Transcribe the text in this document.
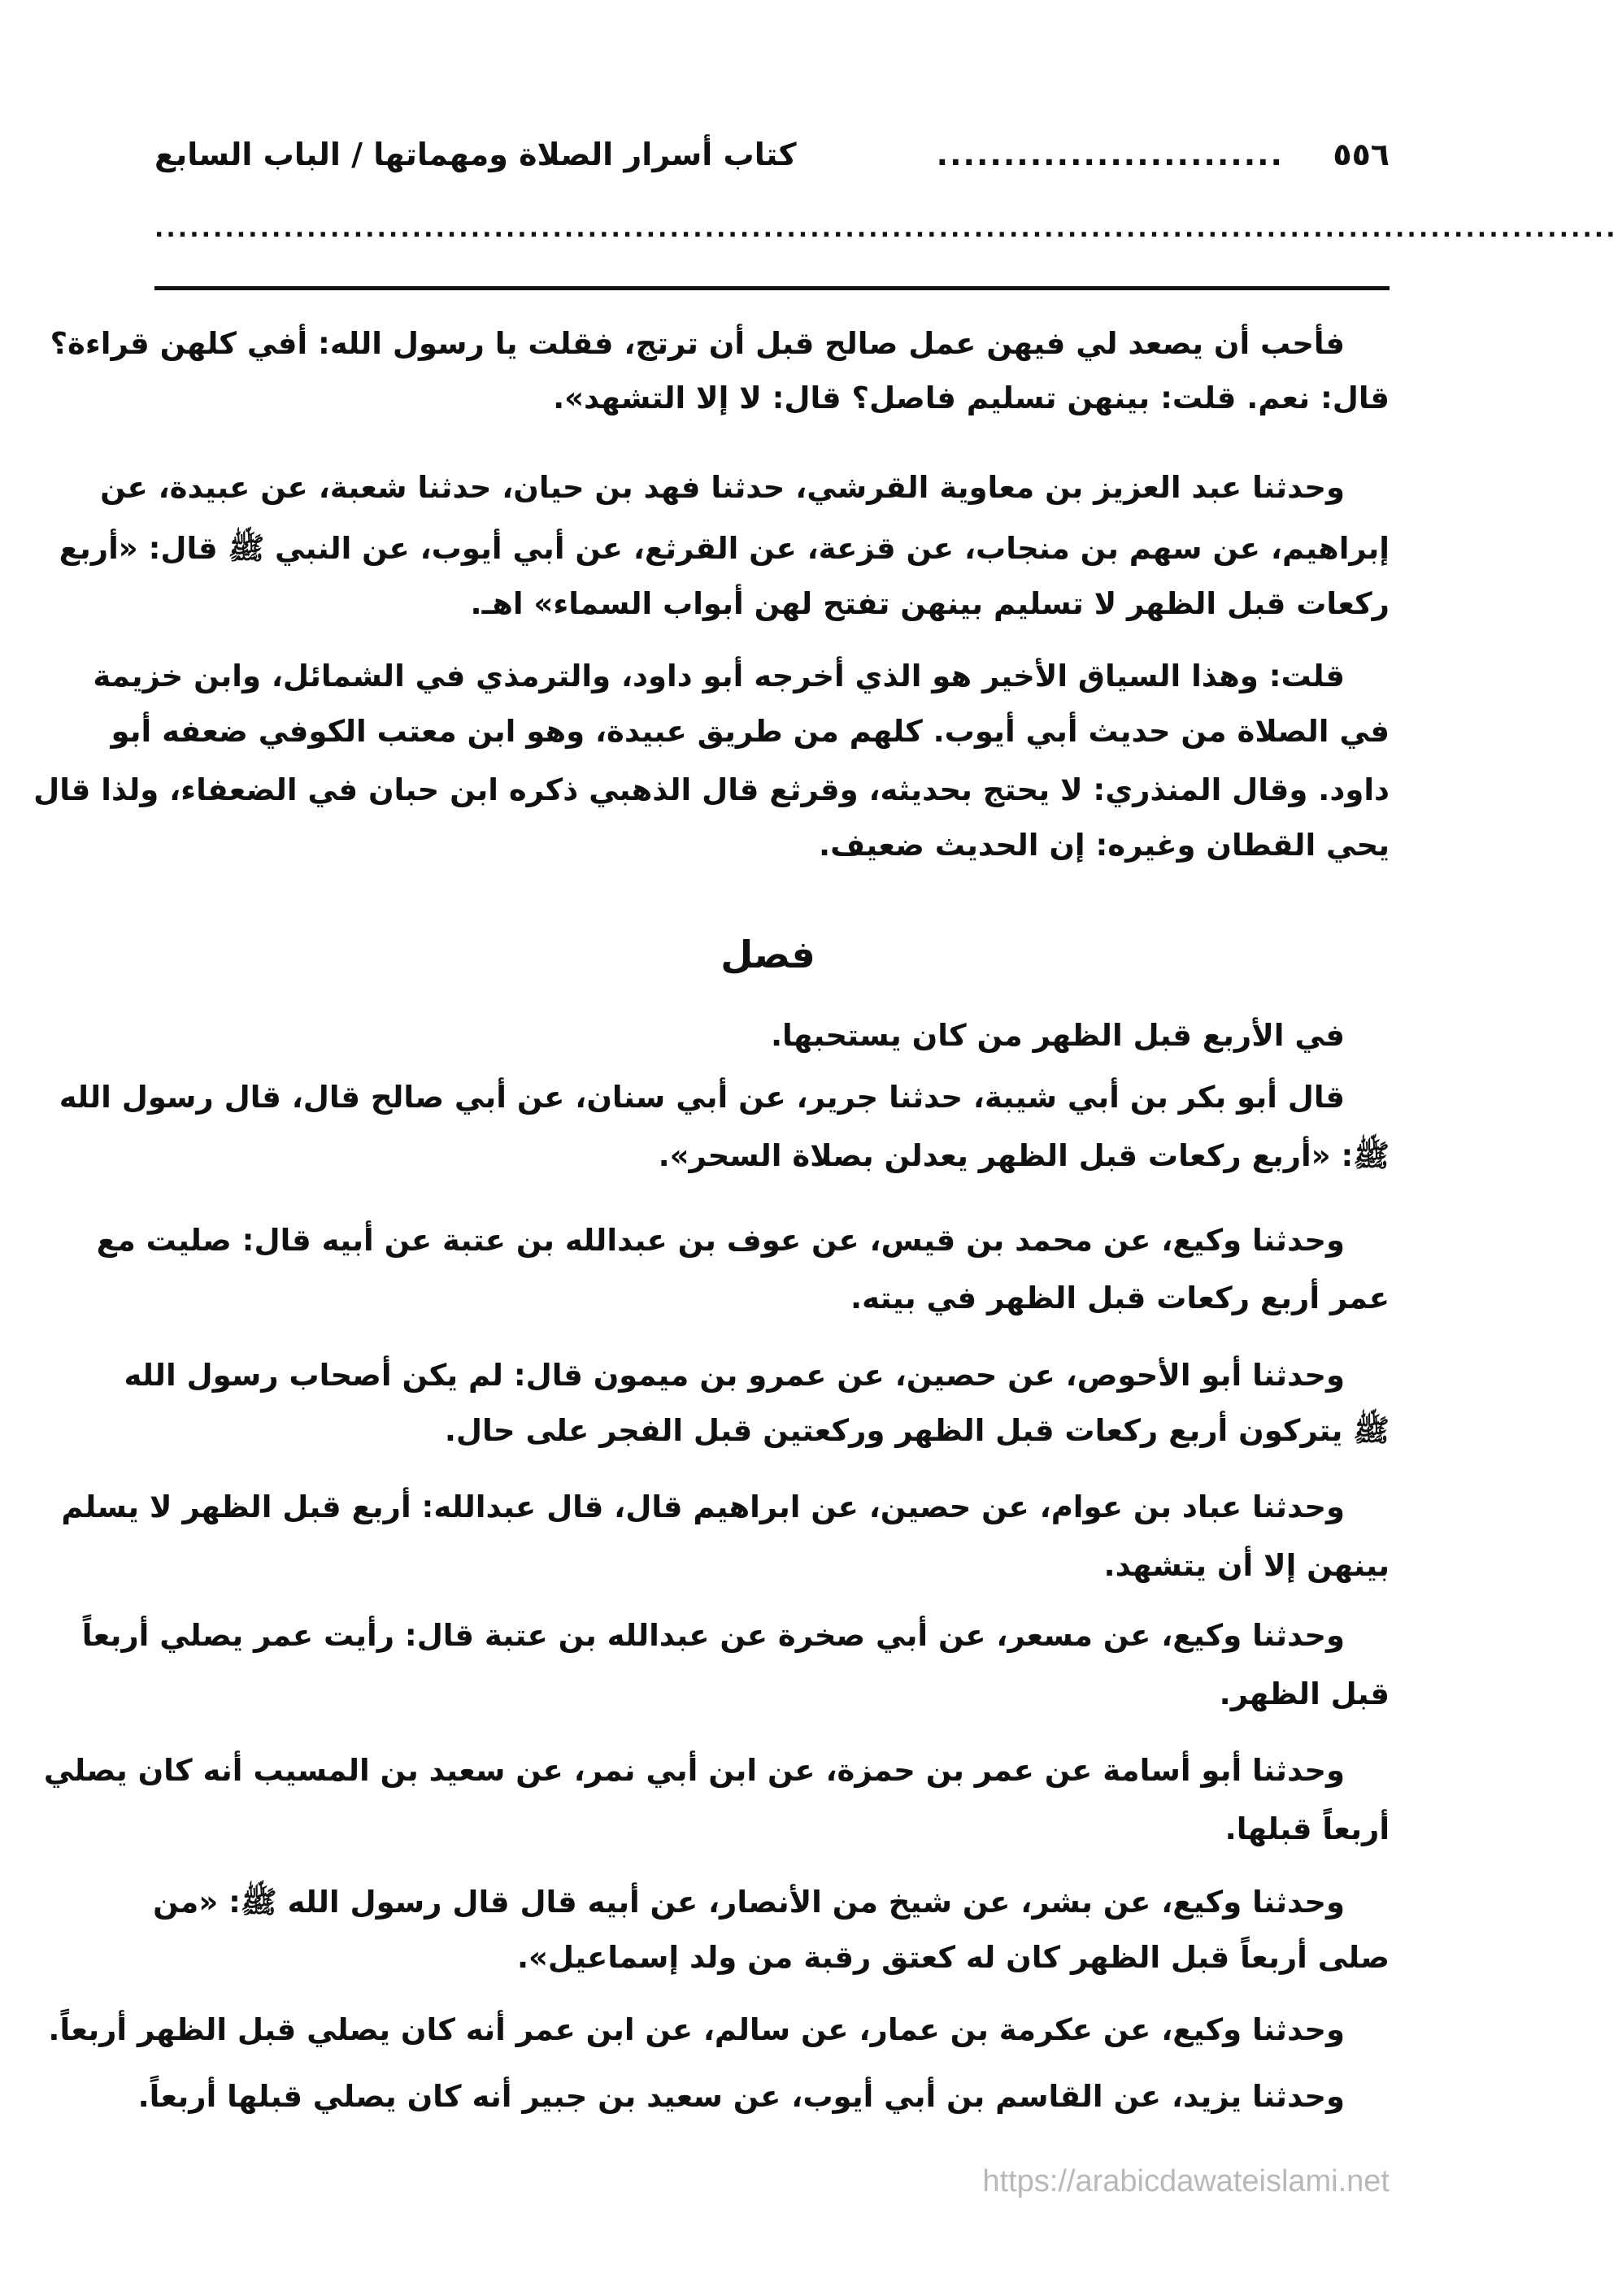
٥٥٦
..........................
كتاب أسرار الصلاة ومهماتها / الباب السابع
.............................................................................................................................
فأحب أن يصعد لي فيهن عمل صالح قبل أن ترتج، فقلت يا رسول الله: أفي كلهن قراءة؟
قال: نعم. قلت: بينهن تسليم فاصل؟ قال: لا إلا التشهد».
وحدثنا عبد العزيز بن معاوية القرشي، حدثنا فهد بن حيان، حدثنا شعبة، عن عبيدة، عن
إبراهيم، عن سهم بن منجاب، عن قزعة، عن القرثع، عن أبي أيوب، عن النبي ﷺ قال: «أربع
ركعات قبل الظهر لا تسليم بينهن تفتح لهن أبواب السماء» اهـ.
قلت: وهذا السياق الأخير هو الذي أخرجه أبو داود، والترمذي في الشمائل، وابن خزيمة
في الصلاة من حديث أبي أيوب. كلهم من طريق عبيدة، وهو ابن معتب الكوفي ضعفه أبو
داود. وقال المنذري: لا يحتج بحديثه، وقرثع قال الذهبي ذكره ابن حبان في الضعفاء، ولذا قال
يحي القطان وغيره: إن الحديث ضعيف.
في الأربع قبل الظهر من كان يستحبها.
قال أبو بكر بن أبي شيبة، حدثنا جرير، عن أبي سنان، عن أبي صالح قال، قال رسول الله
ﷺ: «أربع ركعات قبل الظهر يعدلن بصلاة السحر».
وحدثنا وكيع، عن محمد بن قيس، عن عوف بن عبدالله بن عتبة عن أبيه قال: صليت مع
عمر أربع ركعات قبل الظهر في بيته.
وحدثنا أبو الأحوص، عن حصين، عن عمرو بن ميمون قال: لم يكن أصحاب رسول الله
ﷺ يتركون أربع ركعات قبل الظهر وركعتين قبل الفجر على حال.
وحدثنا عباد بن عوام، عن حصين، عن ابراهيم قال، قال عبدالله: أربع قبل الظهر لا يسلم
بينهن إلا أن يتشهد.
وحدثنا وكيع، عن مسعر، عن أبي صخرة عن عبدالله بن عتبة قال: رأيت عمر يصلي أربعاً
قبل الظهر.
وحدثنا أبو أسامة عن عمر بن حمزة، عن ابن أبي نمر، عن سعيد بن المسيب أنه كان يصلي
أربعاً قبلها.
وحدثنا وكيع، عن بشر، عن شيخ من الأنصار، عن أبيه قال قال رسول الله ﷺ: «من
صلى أربعاً قبل الظهر كان له كعتق رقبة من ولد إسماعيل».
وحدثنا وكيع، عن عكرمة بن عمار، عن سالم، عن ابن عمر أنه كان يصلي قبل الظهر أربعاً.
وحدثنا يزيد، عن القاسم بن أبي أيوب، عن سعيد بن جبير أنه كان يصلي قبلها أربعاً.
فصل
https://arabicdawateislami.net
